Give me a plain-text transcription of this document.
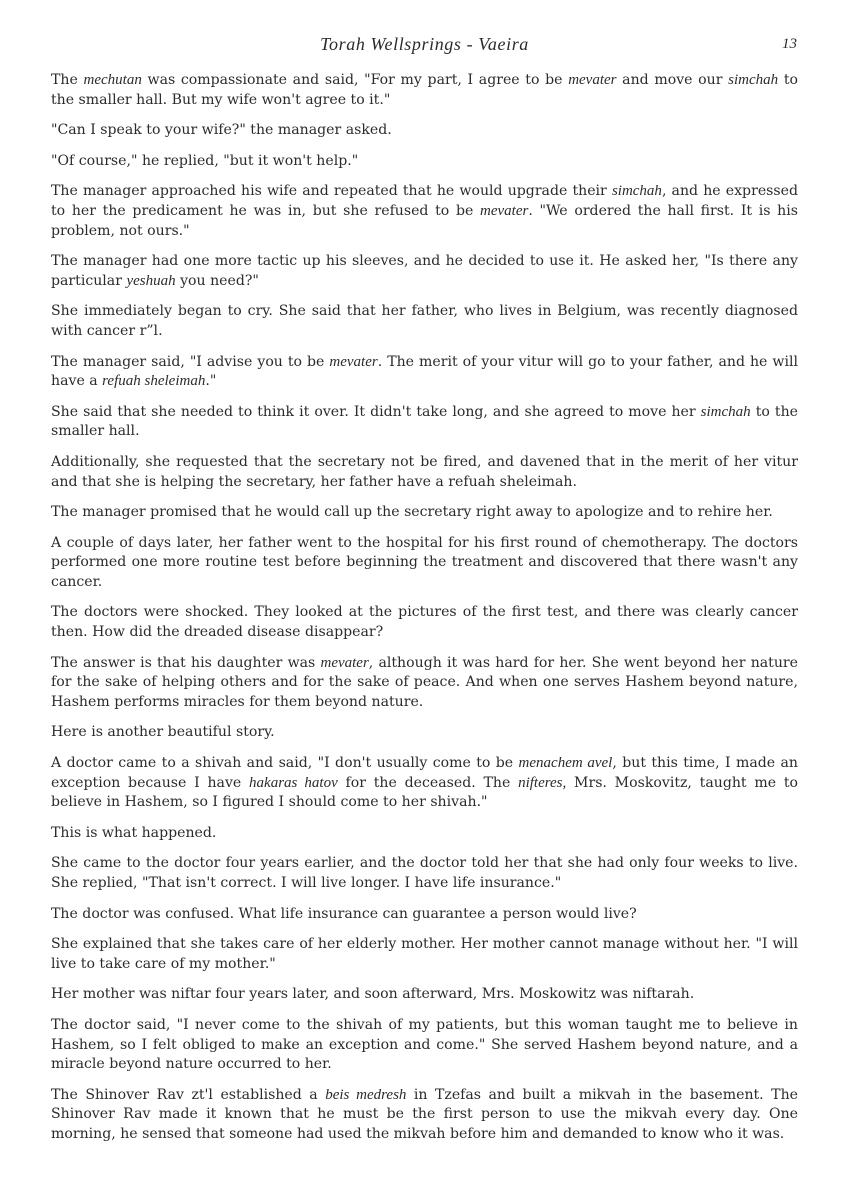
Torah Wellsprings - Vaeira	13

The mechutan was compassionate and said, "For my part, I agree to be mevater and move our simchah to the smaller hall. But my wife won't agree to it."

"Can I speak to your wife?" the manager asked.

"Of course," he replied, "but it won't help."

The manager approached his wife and repeated that he would upgrade their simchah, and he expressed to her the predicament he was in, but she refused to be mevater. "We ordered the hall first. It is his problem, not ours."

The manager had one more tactic up his sleeves, and he decided to use it. He asked her, "Is there any particular yeshuah you need?"

She immediately began to cry. She said that her father, who lives in Belgium, was recently diagnosed with cancer r”l.

The manager said, "I advise you to be mevater. The merit of your vitur will go to your father, and he will have a refuah sheleimah."

She said that she needed to think it over. It didn't take long, and she agreed to move her simchah to the smaller hall.

Additionally, she requested that the secretary not be fired, and davened that in the merit of her vitur and that she is helping the secretary, her father have a refuah sheleimah.

The manager promised that he would call up the secretary right away to apologize and to rehire her.

A couple of days later, her father went to the hospital for his first round of chemotherapy. The doctors performed one more routine test before beginning the treatment and discovered that there wasn't any cancer.

The doctors were shocked. They looked at the pictures of the first test, and there was clearly cancer then. How did the dreaded disease disappear?

The answer is that his daughter was mevater, although it was hard for her. She went beyond her nature for the sake of helping others and for the sake of peace. And when one serves Hashem beyond nature, Hashem performs miracles for them beyond nature.

Here is another beautiful story.

A doctor came to a shivah and said, "I don't usually come to be menachem avel, but this time, I made an exception because I have hakaras hatov for the deceased. The nifteres, Mrs. Moskovitz, taught me to believe in Hashem, so I figured I should come to her shivah."

This is what happened.

She came to the doctor four years earlier, and the doctor told her that she had only four weeks to live. She replied, "That isn't correct. I will live longer. I have life insurance."

The doctor was confused. What life insurance can guarantee a person would live?

She explained that she takes care of her elderly mother. Her mother cannot manage without her. "I will live to take care of my mother."

Her mother was niftar four years later, and soon afterward, Mrs. Moskowitz was niftarah.

The doctor said, "I never come to the shivah of my patients, but this woman taught me to believe in Hashem, so I felt obliged to make an exception and come." She served Hashem beyond nature, and a miracle beyond nature occurred to her.

The Shinover Rav zt'l established a beis medresh in Tzefas and built a mikvah in the basement. The Shinover Rav made it known that he must be the first person to use the mikvah every day. One morning, he sensed that someone had used the mikvah before him and demanded to know who it was.
